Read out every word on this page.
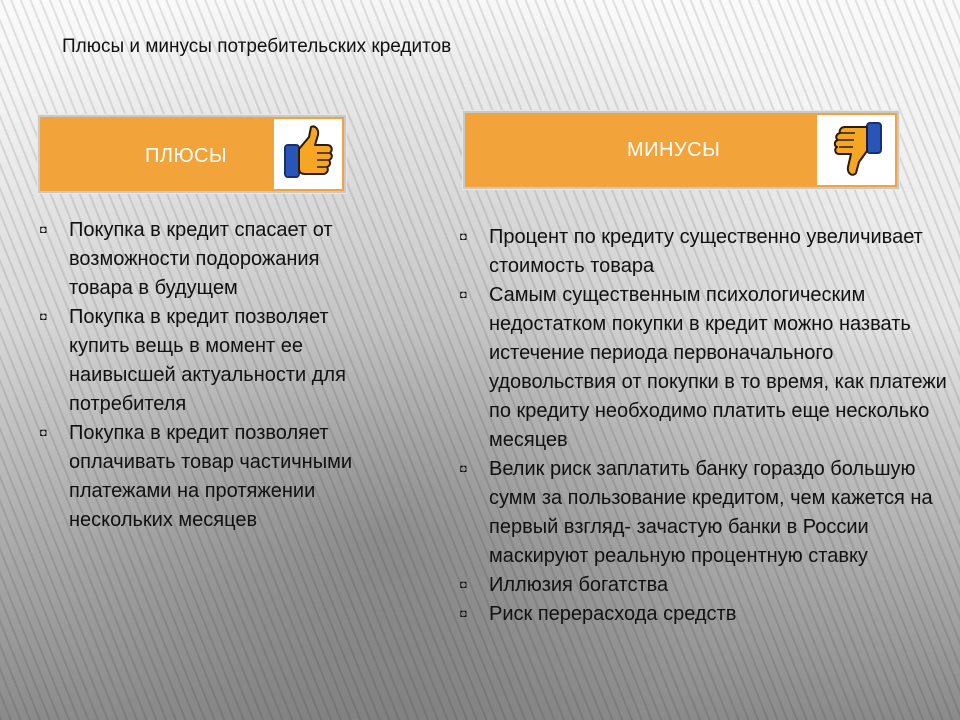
Плюсы и минусы потребительских кредитов
ПЛЮСЫ	МИНУСЫ
◘ Покупка в кредит спасает от возможности подорожания товара в будущем
◘ Покупка в кредит позволяет купить вещь в момент ее наивысшей актуальности для потребителя
◘ Покупка в кредит позволяет оплачивать товар частичными платежами на протяжении нескольких месяцев
◘ Процент по кредиту существенно увеличивает стоимость товара
◘ Самым существенным психологическим недостатком покупки в кредит можно назвать истечение периода первоначального удовольствия от покупки в то время, как платежи по кредиту необходимо платить еще несколько месяцев
◘ Велик риск заплатить банку гораздо большую сумм за пользование кредитом, чем кажется на первый взгляд- зачастую банки в России маскируют реальную процентную ставку
◘ Иллюзия богатства
◘ Риск перерасхода средств
